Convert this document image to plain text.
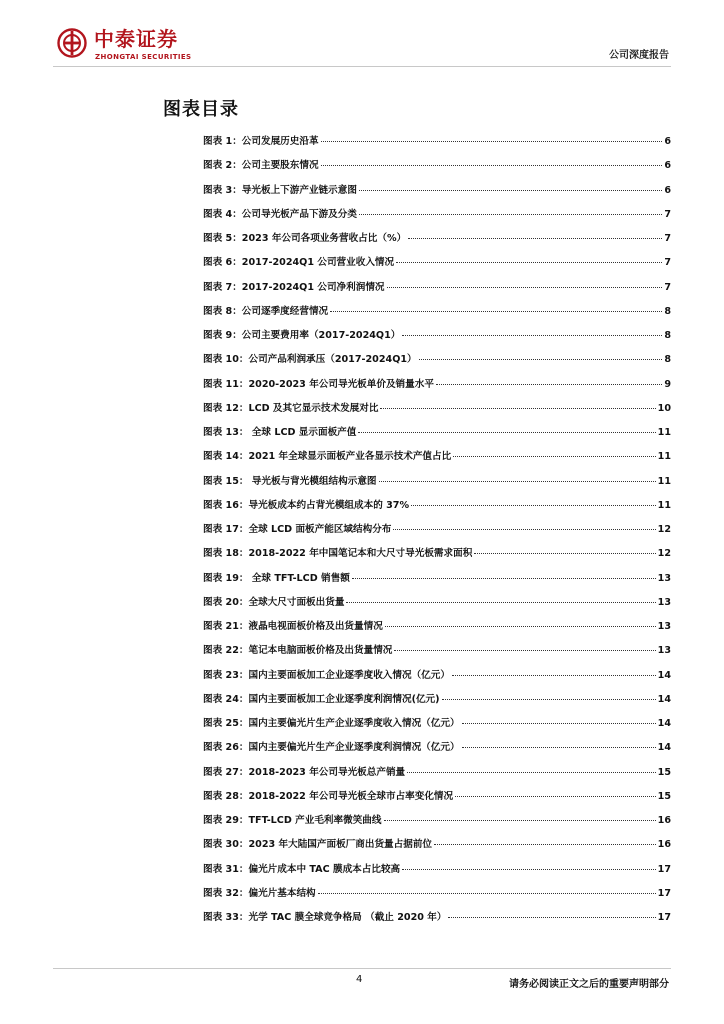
中泰证券
ZHONGTAI SECURITIES	公司深度报告
图表目录
图表 1：公司发展历史沿革	6
图表 2：公司主要股东情况	6
图表 3：导光板上下游产业链示意图	6
图表 4：公司导光板产品下游及分类	7
图表 5：2023 年公司各项业务营收占比（%）	7
图表 6：2017-2024Q1 公司营业收入情况	7
图表 7：2017-2024Q1 公司净利润情况	7
图表 8：公司逐季度经营情况	8
图表 9：公司主要费用率（2017-2024Q1）	8
图表 10：公司产品利润承压（2017-2024Q1）	8
图表 11：2020-2023 年公司导光板单价及销量水平	9
图表 12：LCD 及其它显示技术发展对比	10
图表 13： 全球 LCD 显示面板产值	11
图表 14：2021 年全球显示面板产业各显示技术产值占比	11
图表 15： 导光板与背光模组结构示意图	11
图表 16：导光板成本约占背光模组成本的 37%	11
图表 17：全球 LCD 面板产能区域结构分布	12
图表 18：2018-2022 年中国笔记本和大尺寸导光板需求面积	12
图表 19： 全球 TFT-LCD 销售额	13
图表 20：全球大尺寸面板出货量	13
图表 21：液晶电视面板价格及出货量情况	13
图表 22：笔记本电脑面板价格及出货量情况	13
图表 23：国内主要面板加工企业逐季度收入情况（亿元）	14
图表 24：国内主要面板加工企业逐季度利润情况(亿元)	14
图表 25：国内主要偏光片生产企业逐季度收入情况（亿元）	14
图表 26：国内主要偏光片生产企业逐季度利润情况（亿元）	14
图表 27：2018-2023 年公司导光板总产销量	15
图表 28：2018-2022 年公司导光板全球市占率变化情况	15
图表 29：TFT-LCD 产业毛利率微笑曲线	16
图表 30：2023 年大陆国产面板厂商出货量占据前位	16
图表 31：偏光片成本中 TAC 膜成本占比较高	17
图表 32：偏光片基本结构	17
图表 33：光学 TAC 膜全球竞争格局 （截止 2020 年）	17
4	请务必阅读正文之后的重要声明部分
